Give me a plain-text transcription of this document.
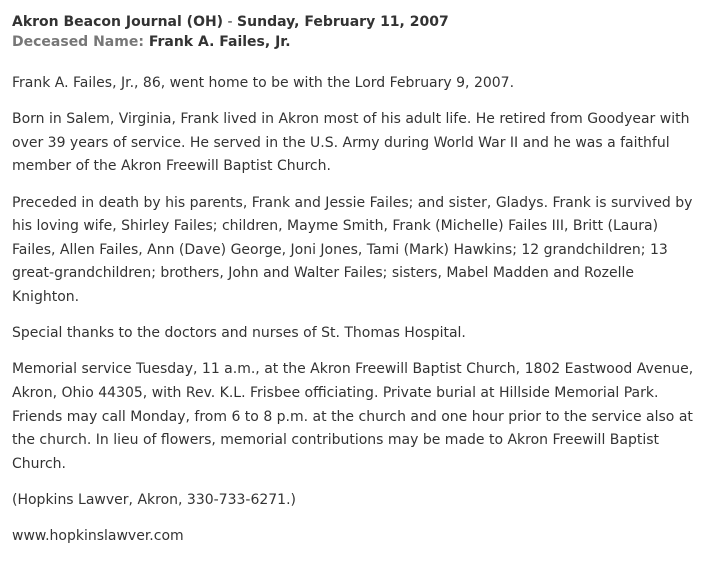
Akron Beacon Journal (OH) - Sunday, February 11, 2007
Deceased Name: Frank A. Failes, Jr.

Frank A. Failes, Jr., 86, went home to be with the Lord February 9, 2007.

Born in Salem, Virginia, Frank lived in Akron most of his adult life. He retired from Goodyear with over 39 years of service. He served in the U.S. Army during World War II and he was a faithful member of the Akron Freewill Baptist Church.

Preceded in death by his parents, Frank and Jessie Failes; and sister, Gladys. Frank is survived by his loving wife, Shirley Failes; children, Mayme Smith, Frank (Michelle) Failes III, Britt (Laura) Failes, Allen Failes, Ann (Dave) George, Joni Jones, Tami (Mark) Hawkins; 12 grandchildren; 13 great-grandchildren; brothers, John and Walter Failes; sisters, Mabel Madden and Rozelle Knighton.

Special thanks to the doctors and nurses of St. Thomas Hospital.

Memorial service Tuesday, 11 a.m., at the Akron Freewill Baptist Church, 1802 Eastwood Avenue, Akron, Ohio 44305, with Rev. K.L. Frisbee officiating. Private burial at Hillside Memorial Park. Friends may call Monday, from 6 to 8 p.m. at the church and one hour prior to the service also at the church. In lieu of flowers, memorial contributions may be made to Akron Freewill Baptist Church.

(Hopkins Lawver, Akron, 330-733-6271.)

www.hopkinslawver.com
